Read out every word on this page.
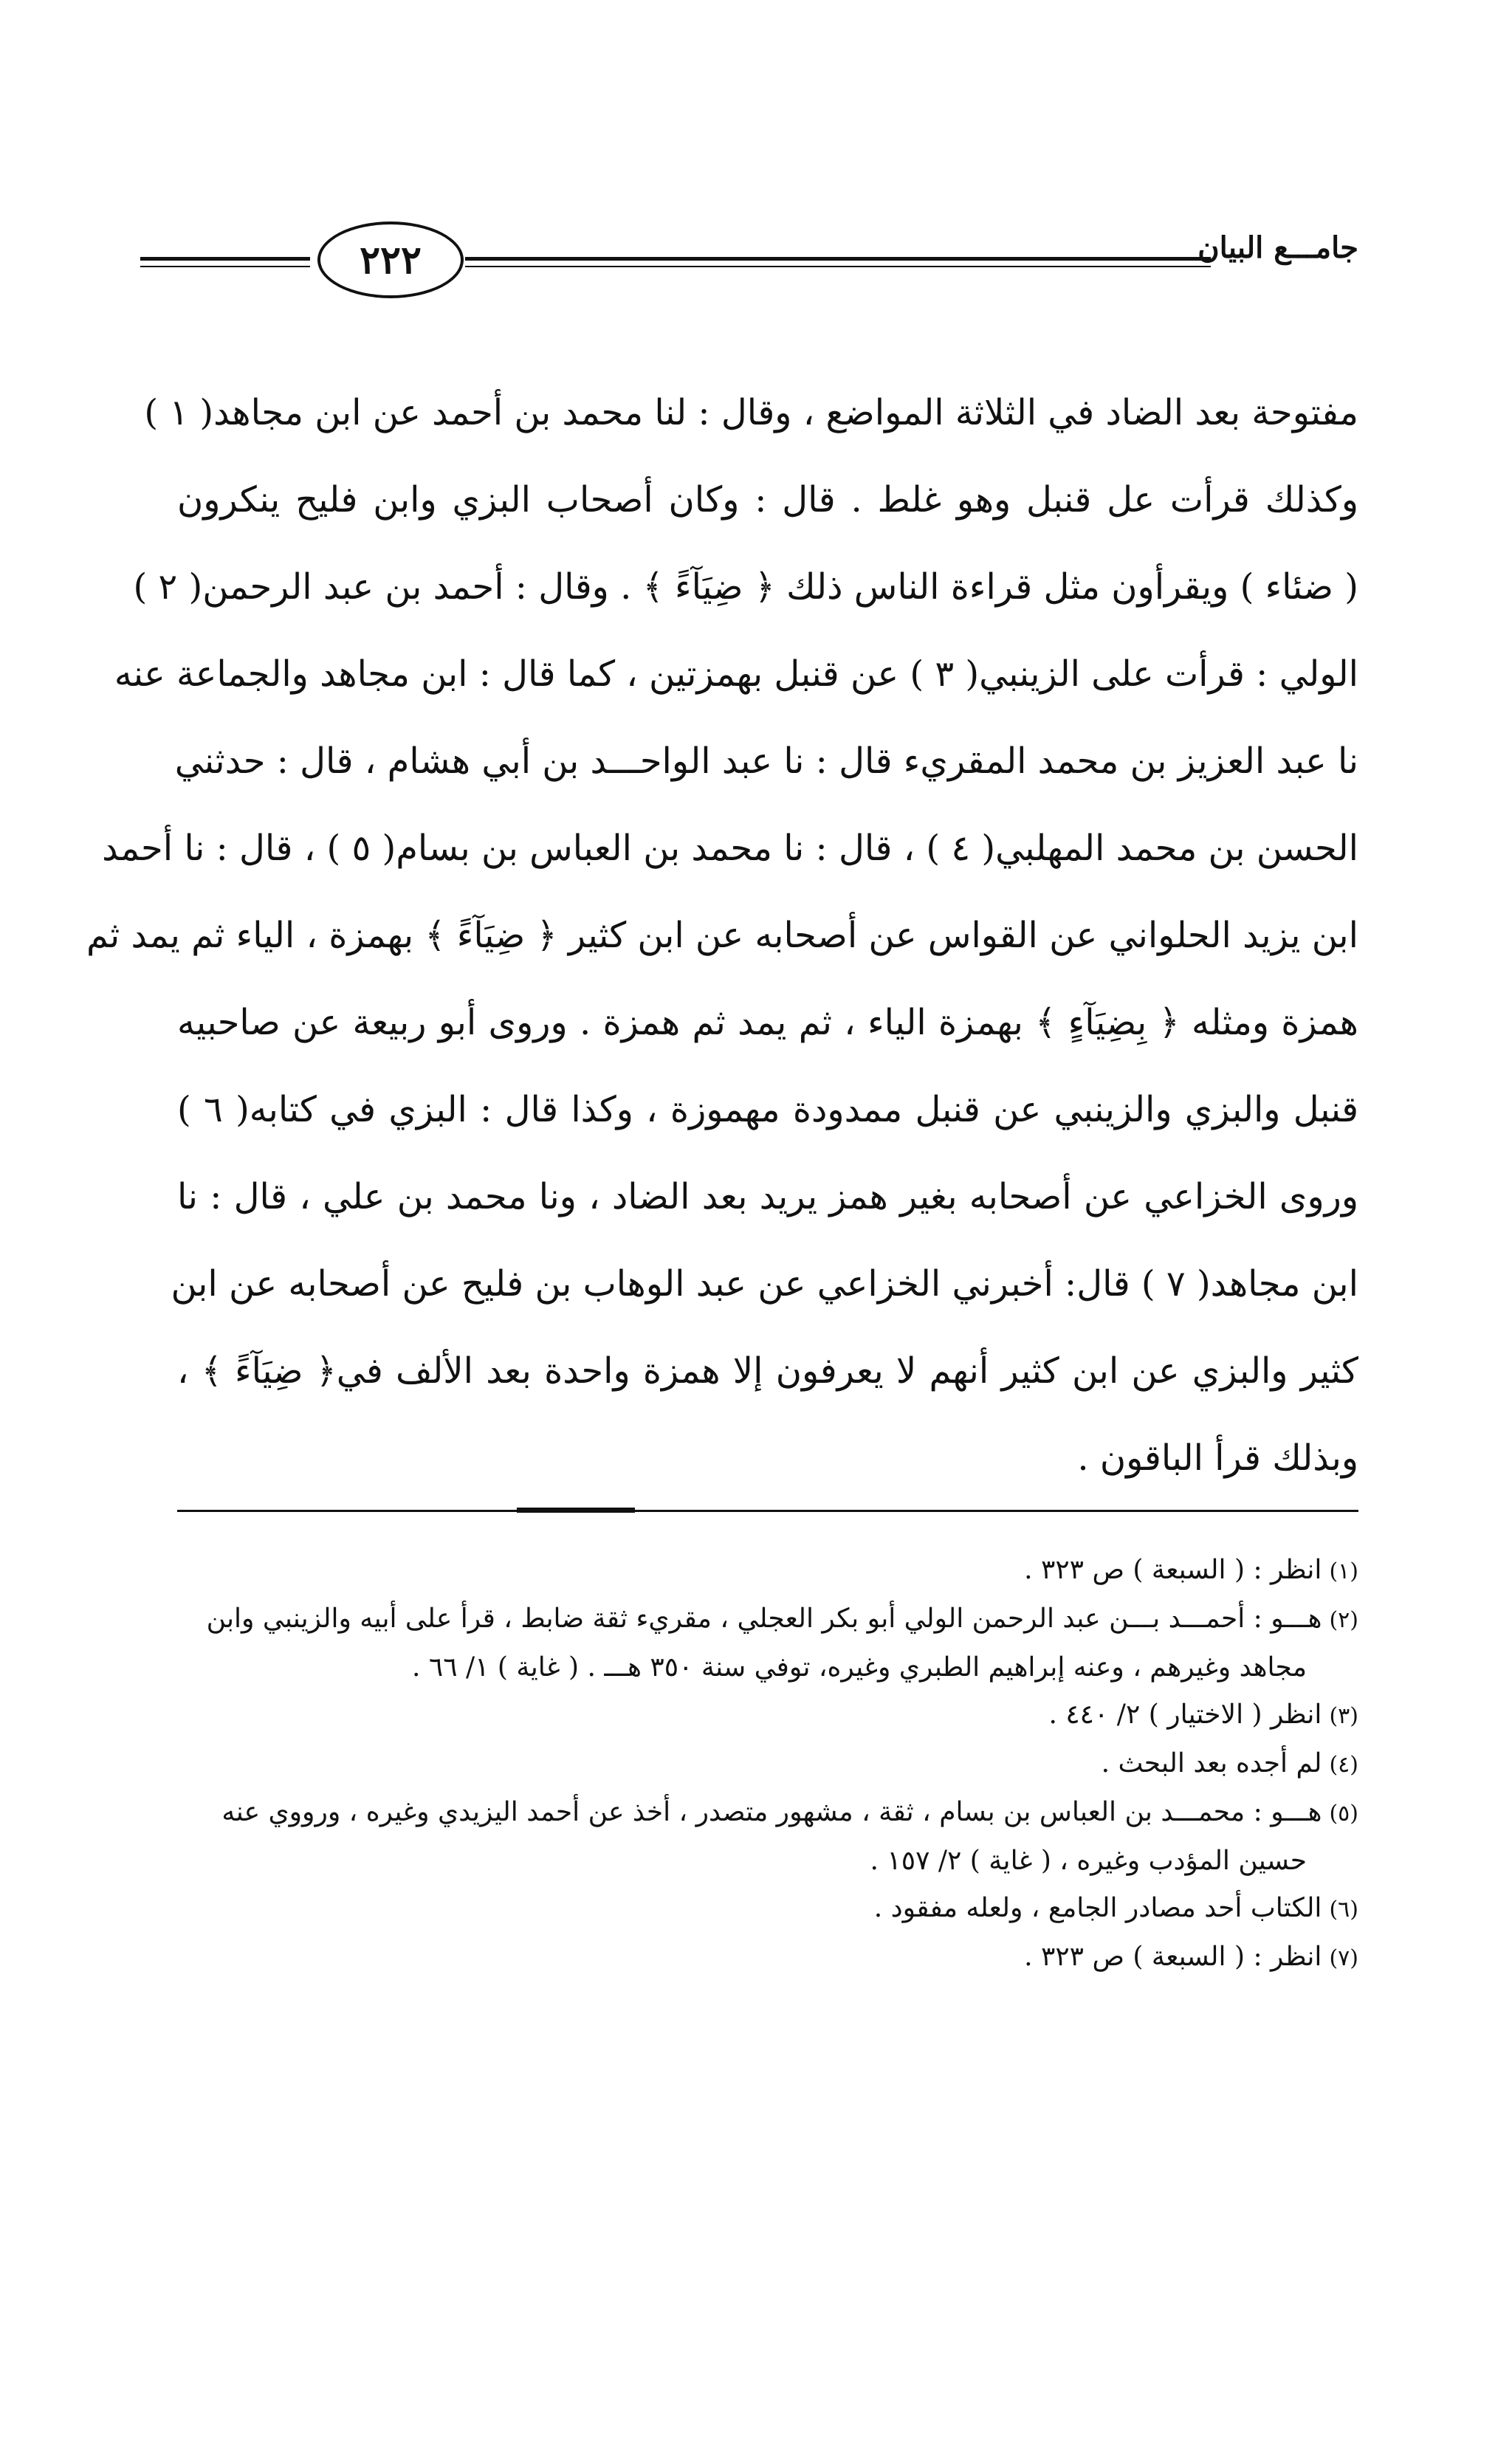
٢٢٢	جامـــع البيان
مفتوحة بعد الضاد في الثلاثة المواضع ، وقال : لنا محمد بن أحمد عن ابن مجاهد( ١ )
وكذلك قرأت عل قنبل وهو غلط . قال : وكان أصحاب البزي وابن فليح ينكرون
( ضئاء ) ويقرأون مثل قراءة الناس ذلك ﴿ ضِيَآءً ﴾ . وقال : أحمد بن عبد الرحمن( ٢ )
الولي : قرأت على الزينبي( ٣ ) عن قنبل بهمزتين ، كما قال : ابن مجاهد والجماعة عنه
نا عبد العزيز بن محمد المقريء قال : نا عبد الواحـــد بن أبي هشام ، قال : حدثني
الحسن بن محمد المهلبي( ٤ ) ، قال : نا محمد بن العباس بن بسام( ٥ ) ، قال : نا أحمد
ابن يزيد الحلواني عن القواس عن أصحابه عن ابن كثير ﴿ ضِيَآءً ﴾ بهمزة ، الياء ثم يمد ثم
همزة ومثله ﴿ بِضِيَآءٍ ﴾ بهمزة الياء ، ثم يمد ثم همزة . وروى أبو ربيعة عن صاحبيه
قنبل والبزي والزينبي عن قنبل ممدودة مهموزة ، وكذا قال : البزي في كتابه( ٦ )
وروى الخزاعي عن أصحابه بغير همز يريد بعد الضاد ، ونا محمد بن علي ، قال : نا
ابن مجاهد( ٧ ) قال: أخبرني الخزاعي عن عبد الوهاب بن فليح عن أصحابه عن ابن
كثير والبزي عن ابن كثير أنهم لا يعرفون إلا همزة واحدة بعد الألف في﴿ ضِيَآءً ﴾ ،
وبذلك قرأ الباقون .
(١)انظر : ( السبعة ) ص ٣٢٣ .
(٢)هـــو : أحمـــد بـــن عبد الرحمن الولي أبو بكر العجلي ، مقريء ثقة ضابط ، قرأ على أبيه والزينبي وابن
مجاهد وغيرهم ، وعنه إبراهيم الطبري وغيره، توفي سنة ٣٥٠ هـــ . ( غاية ) ١/ ٦٦ .
(٣)انظر ( الاختيار ) ٢/ ٤٤٠ .
(٤)لم أجده بعد البحث .
(٥)هـــو : محمـــد بن العباس بن بسام ، ثقة ، مشهور متصدر ، أخذ عن أحمد اليزيدي وغيره ، ورووي عنه
حسين المؤدب وغيره ، ( غاية ) ٢/ ١٥٧ .
(٦)الكتاب أحد مصادر الجامع ، ولعله مفقود .
(٧)انظر : ( السبعة ) ص ٣٢٣ .
